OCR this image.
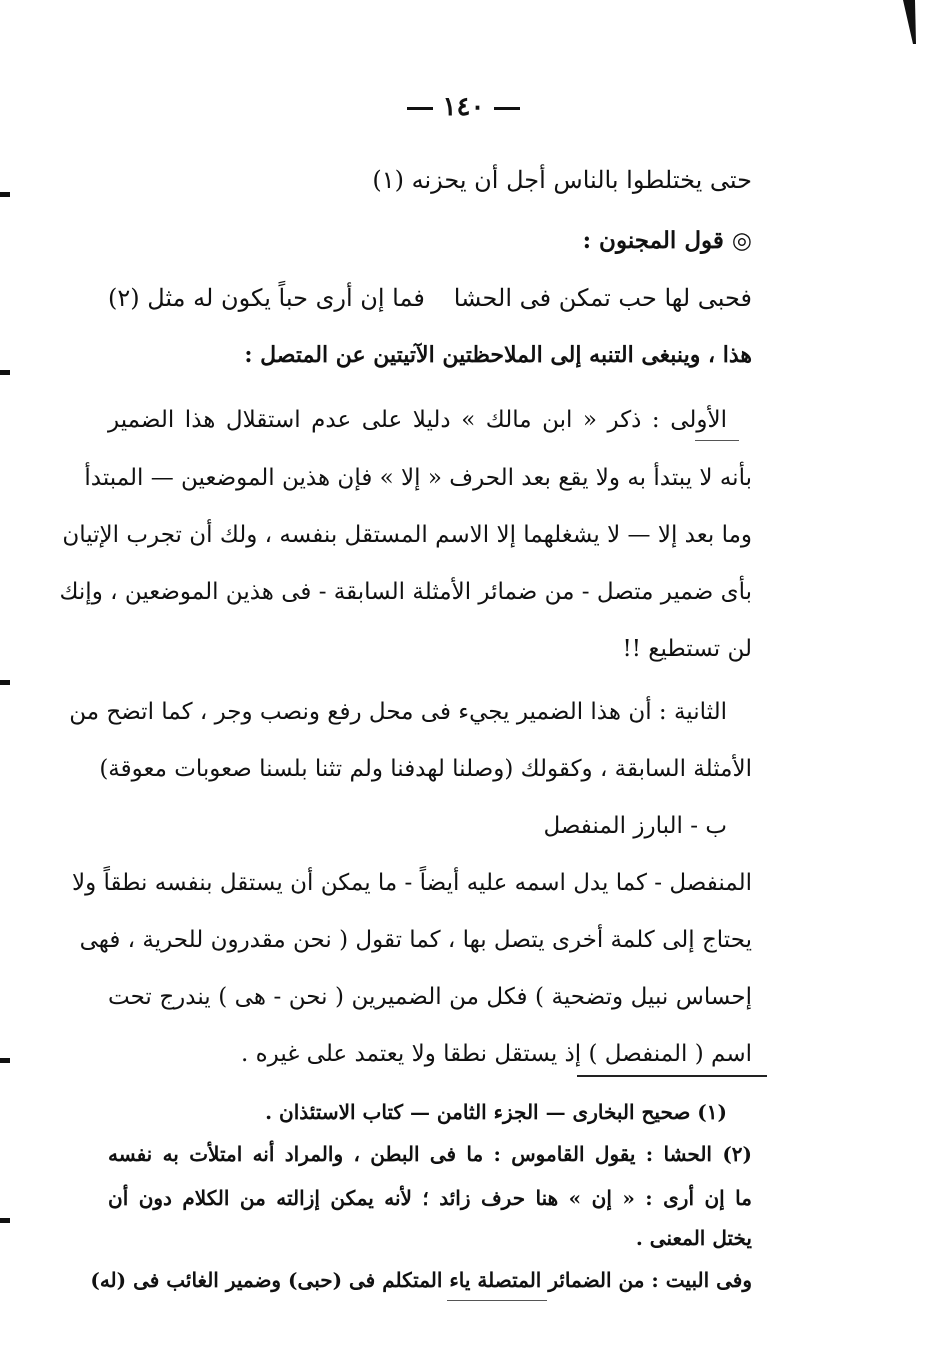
١٤٠
حتى يختلطوا بالناس أجل أن يحزنه (١)
◎ قول المجنون :
فحبى لها حب تمكن فى الحشا
فما إن أرى حباً يكون له مثل (٢)
هذا ، وينبغى التنبه إلى الملاحظتين الآتيتين عن المتصل :
الأولى : ذكر « ابن مالك » دليلا على عدم استقلال هذا الضمير
بأنه لا يبتدأ به ولا يقع بعد الحرف « إلا » فإن هذين الموضعين — المبتدأ
وما بعد إلا — لا يشغلهما إلا الاسم المستقل بنفسه ، ولك أن تجرب الإتيان
بأى ضمير متصل - من ضمائر الأمثلة السابقة - فى هذين الموضعين ، وإنك
لن تستطيع !!
الثانية : أن هذا الضمير يجيء فى محل رفع ونصب وجر ، كما اتضح من
الأمثلة السابقة ، وكقولك (وصلنا لهدفنا ولم تثنا بلسنا صعوبات معوقة)
ب - البارز المنفصل
المنفصل - كما يدل اسمه عليه أيضاً - ما يمكن أن يستقل بنفسه نطقاً ولا
يحتاج إلى كلمة أخرى يتصل بها ، كما تقول ( نحن مقدرون للحرية ، فهى
إحساس نبيل وتضحية ) فكل من الضميرين ( نحن - هى ) يندرج تحت
اسم ( المنفصل ) إذ يستقل نطقا ولا يعتمد على غيره .
(١) صحيح البخارى — الجزء الثامن — كتاب الاستئذان .
(٢) الحشا : يقول القاموس : ما فى البطن ، والمراد أنه امتلأت به نفسه
ما إن أرى : « إن » هنا حرف زائد ؛ لأنه يمكن إزالته من الكلام دون أن
يختل المعنى .
وفى البيت : من الضمائر المتصلة ياء المتكلم فى (حبى) وضمير الغائب فى (له)
